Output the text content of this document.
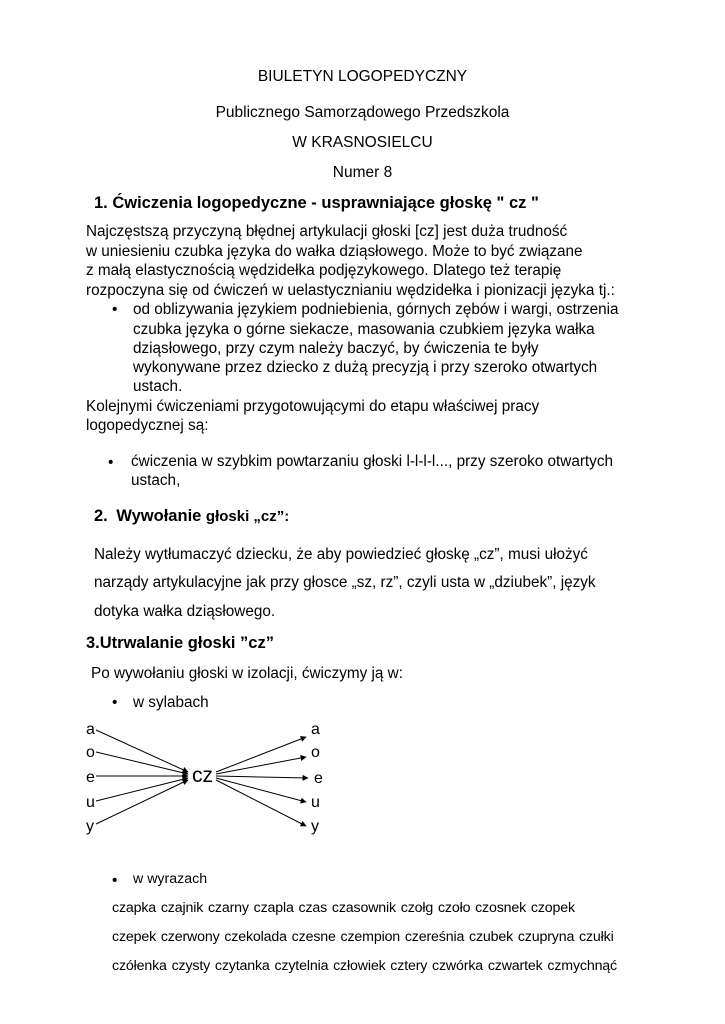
BIULETYN LOGOPEDYCZNY
Publicznego Samorządowego Przedszkola
W KRASNOSIELCU
Numer 8
1. Ćwiczenia logopedyczne - usprawniające głoskę " cz "
Najczęstszą przyczyną błędnej artykulacji głoski [cz] jest duża trudność
w uniesieniu czubka języka do wałka dziąsłowego. Może to być związane
z małą elastycznością wędzidełka podjęzykowego. Dlatego też terapię
rozpoczyna się od ćwiczeń w uelastycznianiu wędzidełka i pionizacji języka tj.:
• od oblizywania językiem podniebienia, górnych zębów i wargi, ostrzenia
czubka języka o górne siekacze, masowania czubkiem języka wałka
dziąsłowego, przy czym należy baczyć, by ćwiczenia te były
wykonywane przez dziecko z dużą precyzją i przy szeroko otwartych
ustach.
Kolejnymi ćwiczeniami przygotowującymi do etapu właściwej pracy
logopedycznej są:
• ćwiczenia w szybkim powtarzaniu głoski l-l-l-l..., przy szeroko otwartych
ustach,
2. Wywołanie głoski „cz”:
Należy wytłumaczyć dziecku, że aby powiedzieć głoskę „cz”, musi ułożyć
narządy artykulacyjne jak przy głosce „sz, rz”, czyli usta w „dziubek”, język
dotyka wałka dziąsłowego.
3.Utrwalanie głoski ”cz”
Po wywołaniu głoski w izolacji, ćwiczymy ją w:
• w sylabach
a
o
e
u
y
cz
a
o
e
u
y
• w wyrazach
czapka czajnik czarny czapla czas czasownik czołg czoło czosnek czopek
czepek czerwony czekolada czesne czempion czereśnia czubek czupryna czułki
czółenka czysty czytanka czytelnia człowiek cztery czwórka czwartek czmychnąć
